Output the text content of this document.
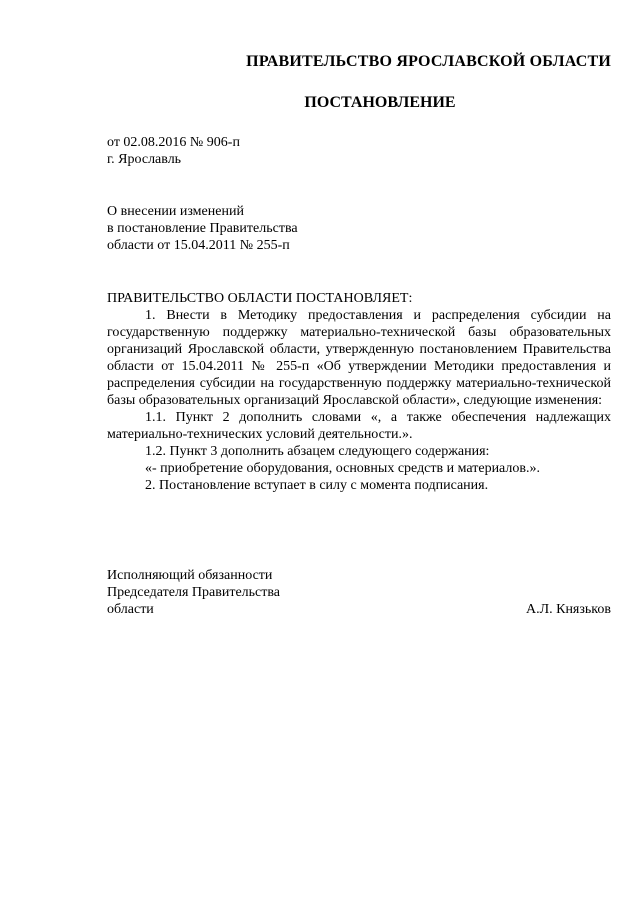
ПРАВИТЕЛЬСТВО ЯРОСЛАВСКОЙ ОБЛАСТИ
ПОСТАНОВЛЕНИЕ
от 02.08.2016 № 906-п
г. Ярославль
О внесении изменений
в постановление Правительства
области от 15.04.2011 № 255-п
ПРАВИТЕЛЬСТВО ОБЛАСТИ ПОСТАНОВЛЯЕТ:

1. Внести в Методику предоставления и распределения субсидии на государственную поддержку материально-технической базы образовательных организаций Ярославской области, утвержденную постановлением Правительства области от 15.04.2011 № 255-п «Об утверждении Методики предоставления и распределения субсидии на государственную поддержку материально-технической базы образовательных организаций Ярославской области», следующие изменения:

1.1. Пункт 2 дополнить словами «, а также обеспечения надлежащих материально-технических условий деятельности.».

1.2. Пункт 3 дополнить абзацем следующего содержания:

«- приобретение оборудования, основных средств и материалов.».

2. Постановление вступает в силу с момента подписания.

Исполняющий обязанности
Председателя Правительства
области	А.Л. Князьков
